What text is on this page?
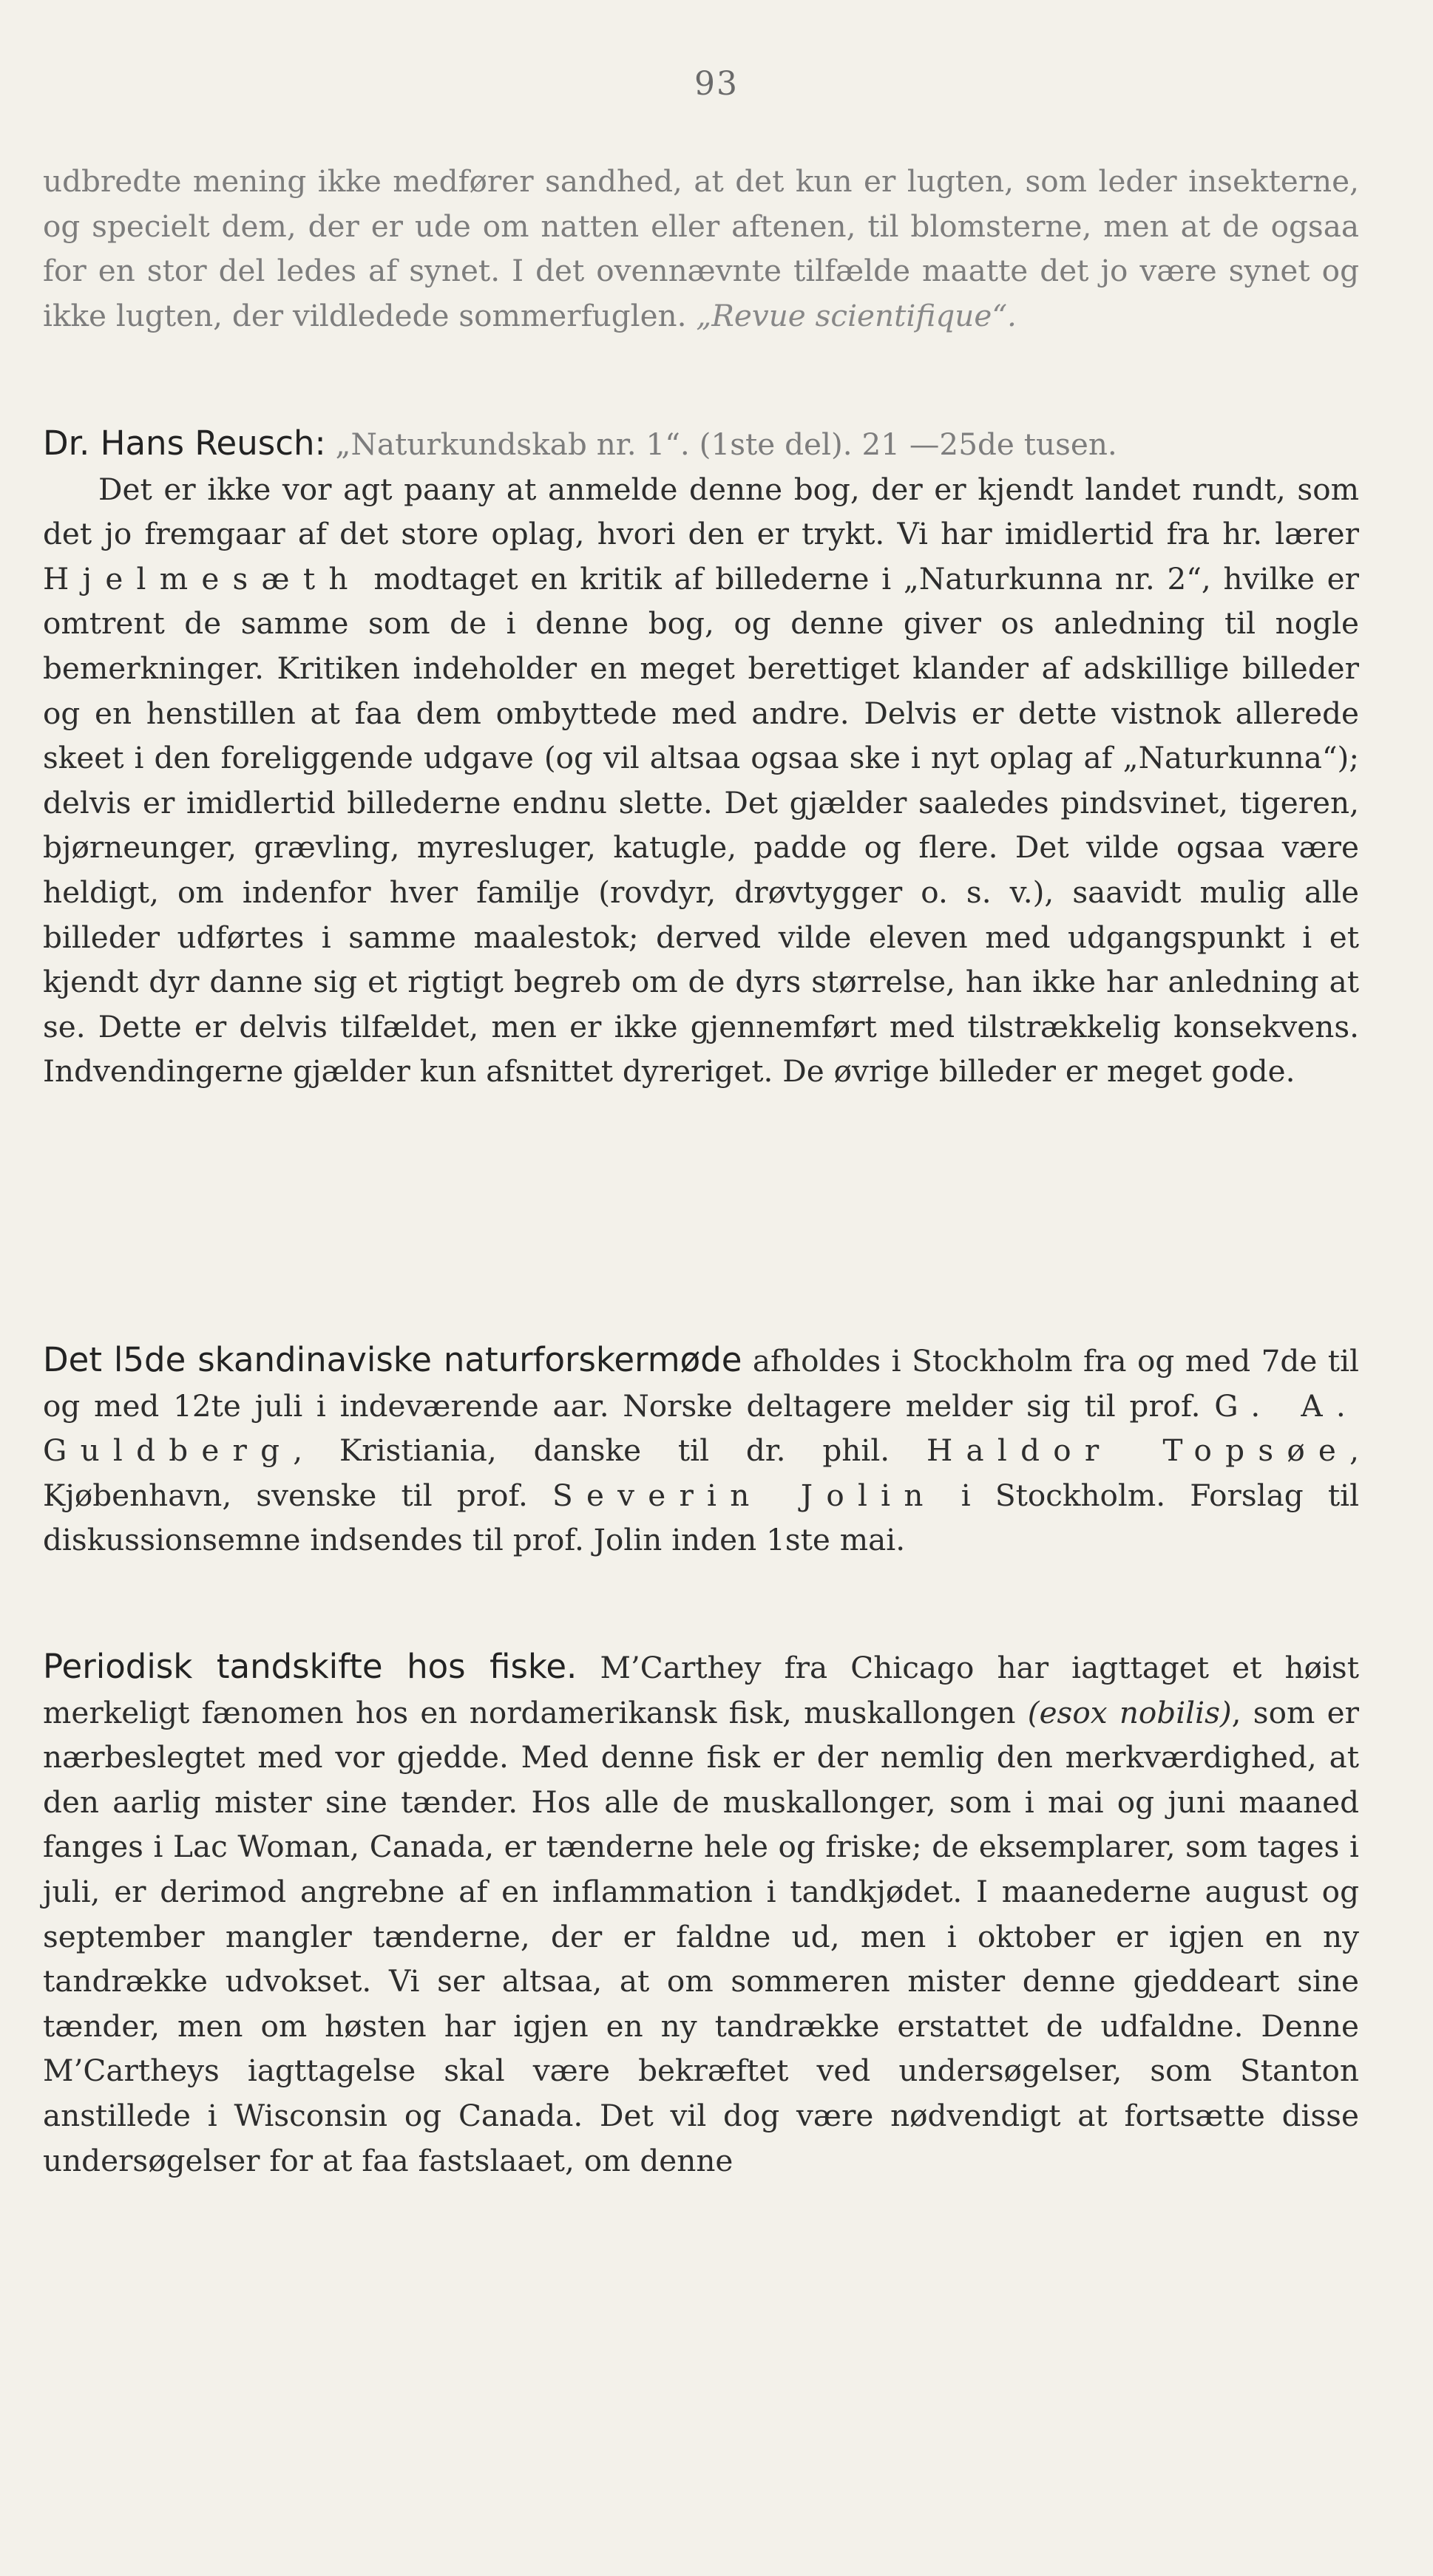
93

udbredte mening ikke medfører sandhed, at det kun er lugten, som leder insekterne, og specielt dem, der er ude om natten eller aftenen, til blomsterne, men at de ogsaa for en stor del ledes af synet. I det ovennævnte tilfælde maatte det jo være synet og ikke lugten, der vildledede sommerfuglen. „Revue scientifique“.

Dr. Hans Reusch: „Naturkundskab nr. 1“. (1ste del). 21 —25de tusen.

Det er ikke vor agt paany at anmelde denne bog, der er kjendt landet rundt, som det jo fremgaar af det store oplag, hvori den er trykt. Vi har imidlertid fra hr. lærer Hjelmesæth modtaget en kritik af billederne i „Naturkunna nr. 2“, hvilke er omtrent de samme som de i denne bog, og denne giver os anledning til nogle bemerkninger. Kritiken indeholder en meget berettiget klander af adskillige billeder og en henstillen at faa dem ombyttede med andre. Delvis er dette vistnok allerede skeet i den foreliggende udgave (og vil altsaa ogsaa ske i nyt oplag af „Naturkunna“); delvis er imidlertid billederne endnu slette. Det gjælder saaledes pindsvinet, tigeren, bjørneunger, grævling, myresluger, katugle, padde og flere. Det vilde ogsaa være heldigt, om indenfor hver familje (rovdyr, drøvtygger o. s. v.), saavidt mulig alle billeder udførtes i samme maalestok; derved vilde eleven med udgangspunkt i et kjendt dyr danne sig et rigtigt begreb om de dyrs størrelse, han ikke har anledning at se. Dette er delvis tilfældet, men er ikke gjennemført med tilstrækkelig konsekvens. Indvendingerne gjælder kun afsnittet dyreriget. De øvrige billeder er meget gode.

Det l5de skandinaviske naturforskermøde afholdes i Stockholm fra og med 7de til og med 12te juli i indeværende aar. Norske deltagere melder sig til prof. G. A. Guldberg, Kristiania, danske til dr. phil. Haldor Topsøe, Kjøbenhavn, svenske til prof. Severin Jolin i Stockholm. Forslag til diskussionsemne indsendes til prof. Jolin inden 1ste mai.

Periodisk tandskifte hos fiske. M’Carthey fra Chicago har iagttaget et høist merkeligt fænomen hos en nordamerikansk fisk, muskallongen (esox nobilis), som er nærbeslegtet med vor gjedde. Med denne fisk er der nemlig den merkværdighed, at den aarlig mister sine tænder. Hos alle de muskallonger, som i mai og juni maaned fanges i Lac Woman, Canada, er tænderne hele og friske; de eksemplarer, som tages i juli, er derimod angrebne af en inflammation i tandkjødet. I maanederne august og september mangler tænderne, der er faldne ud, men i oktober er igjen en ny tandrække udvokset. Vi ser altsaa, at om sommeren mister denne gjeddeart sine tænder, men om høsten har igjen en ny tandrække erstattet de udfaldne. Denne M’Cartheys iagttagelse skal være bekræftet ved undersøgelser, som Stanton anstillede i Wisconsin og Canada. Det vil dog være nødvendigt at fortsætte disse undersøgelser for at faa fastslaaet, om denne
